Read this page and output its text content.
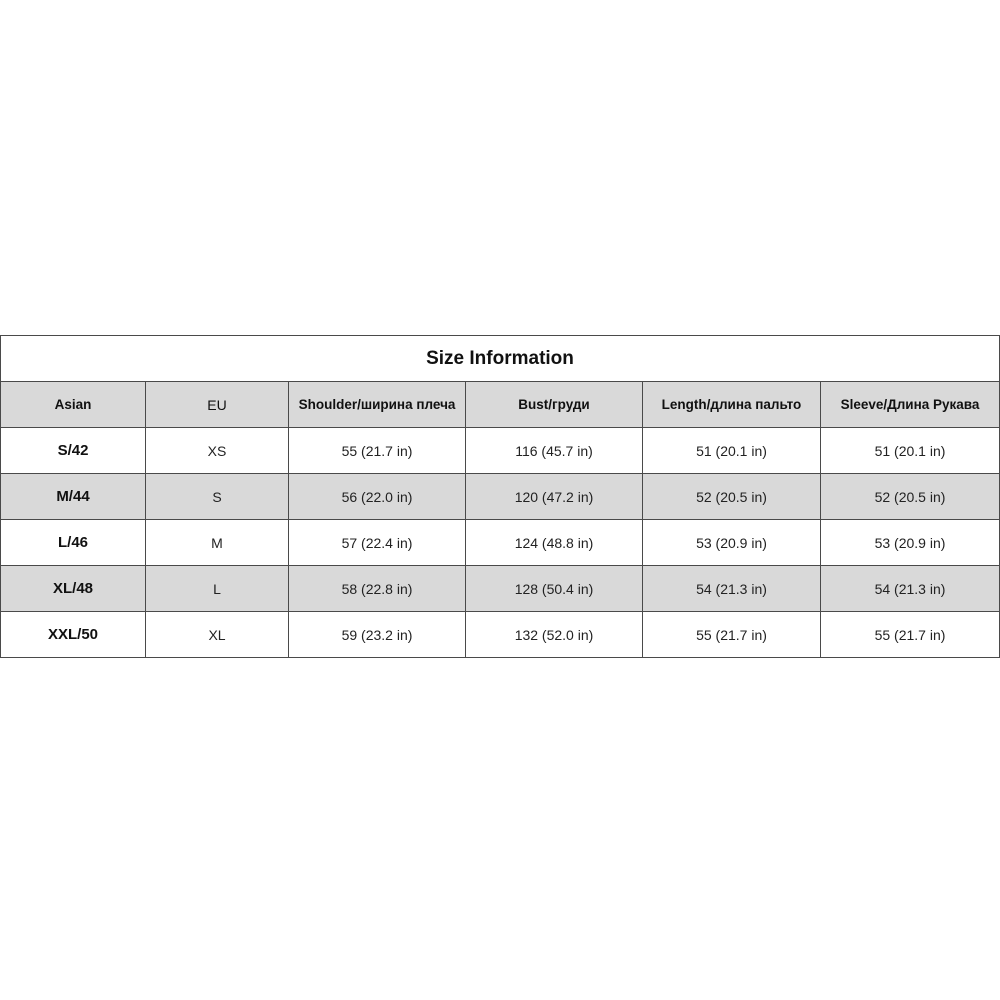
Size Information					
Asian	EU	Shoulder/ширина плеча	Bust/груди	Length/длина пальто	Sleeve/Длина Рукава
S/42	XS	55 (21.7 in)	116 (45.7 in)	51 (20.1 in)	51 (20.1 in)
M/44	S	56 (22.0 in)	120 (47.2 in)	52 (20.5 in)	52 (20.5 in)
L/46	M	57 (22.4 in)	124 (48.8 in)	53 (20.9 in)	53 (20.9 in)
XL/48	L	58 (22.8 in)	128 (50.4 in)	54 (21.3 in)	54 (21.3 in)
XXL/50	XL	59 (23.2 in)	132 (52.0 in)	55 (21.7 in)	55 (21.7 in)
